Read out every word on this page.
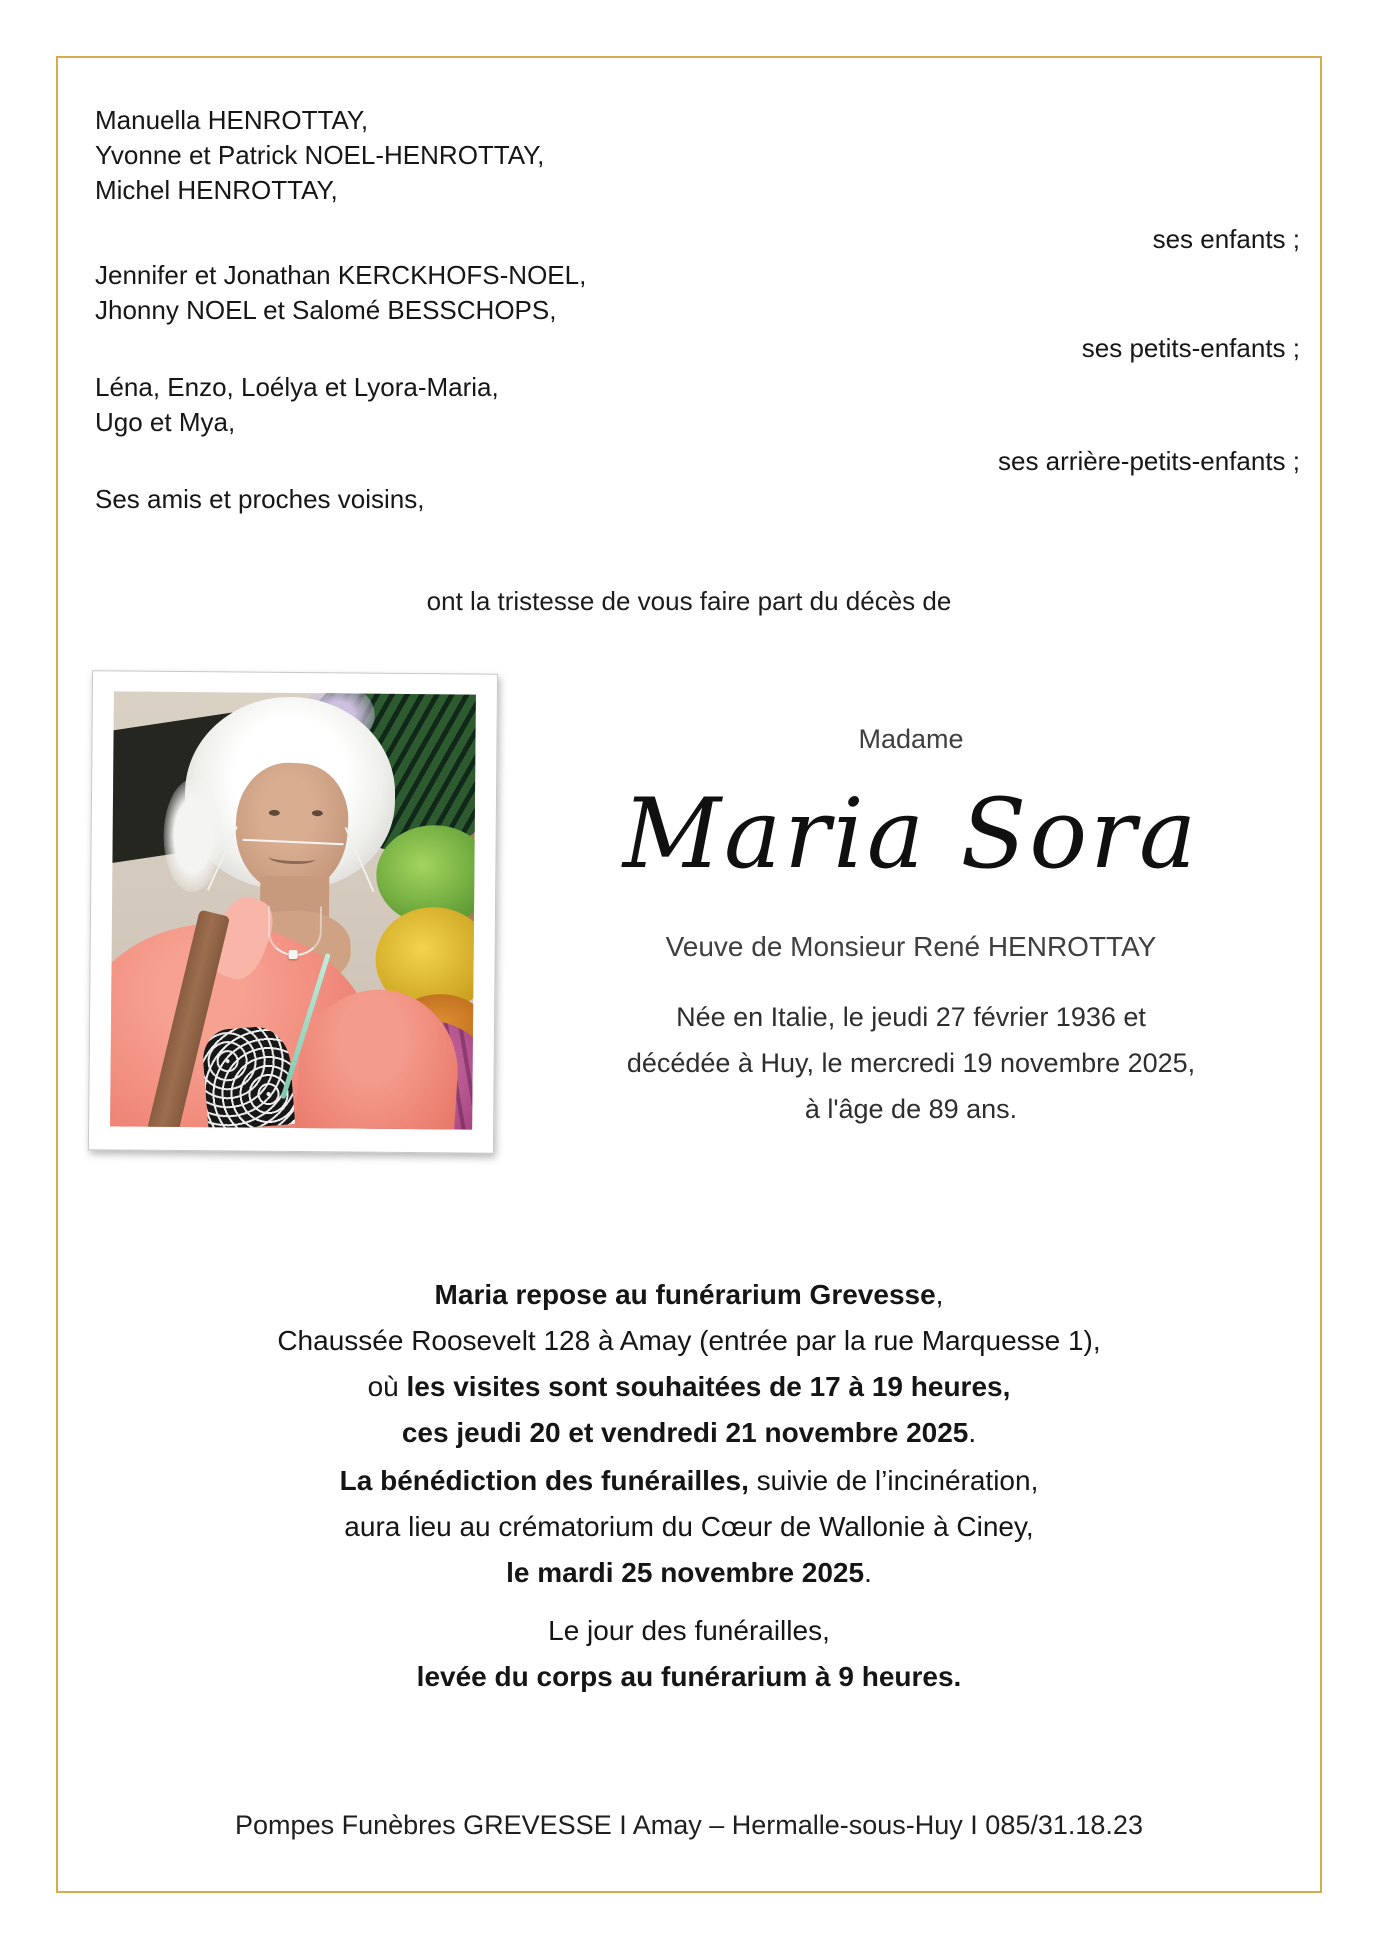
Manuella HENROTTAY,
Yvonne et Patrick NOEL-HENROTTAY,
Michel HENROTTAY,
ses enfants ;
Jennifer et Jonathan KERCKHOFS-NOEL,
Jhonny NOEL et Salomé BESSCHOPS,
ses petits-enfants ;
Léna, Enzo, Loélya et Lyora-Maria,
Ugo et Mya,
ses arrière-petits-enfants ;
Ses amis et proches voisins,
ont la tristesse de vous faire part du décès de
Madame
Maria Sora
Veuve de Monsieur René HENROTTAY
Née en Italie, le jeudi 27 février 1936 et
décédée à Huy, le mercredi 19 novembre 2025,
à l'âge de 89 ans.
Maria repose au funérarium Grevesse,
Chaussée Roosevelt 128 à Amay (entrée par la rue Marquesse 1),
où les visites sont souhaitées de 17 à 19 heures,
ces jeudi 20 et vendredi 21 novembre 2025.
La bénédiction des funérailles, suivie de l’incinération,
aura lieu au crématorium du Cœur de Wallonie à Ciney,
le mardi 25 novembre 2025.
Le jour des funérailles,
levée du corps au funérarium à 9 heures.
Pompes Funèbres GREVESSE I Amay – Hermalle-sous-Huy I 085/31.18.23
